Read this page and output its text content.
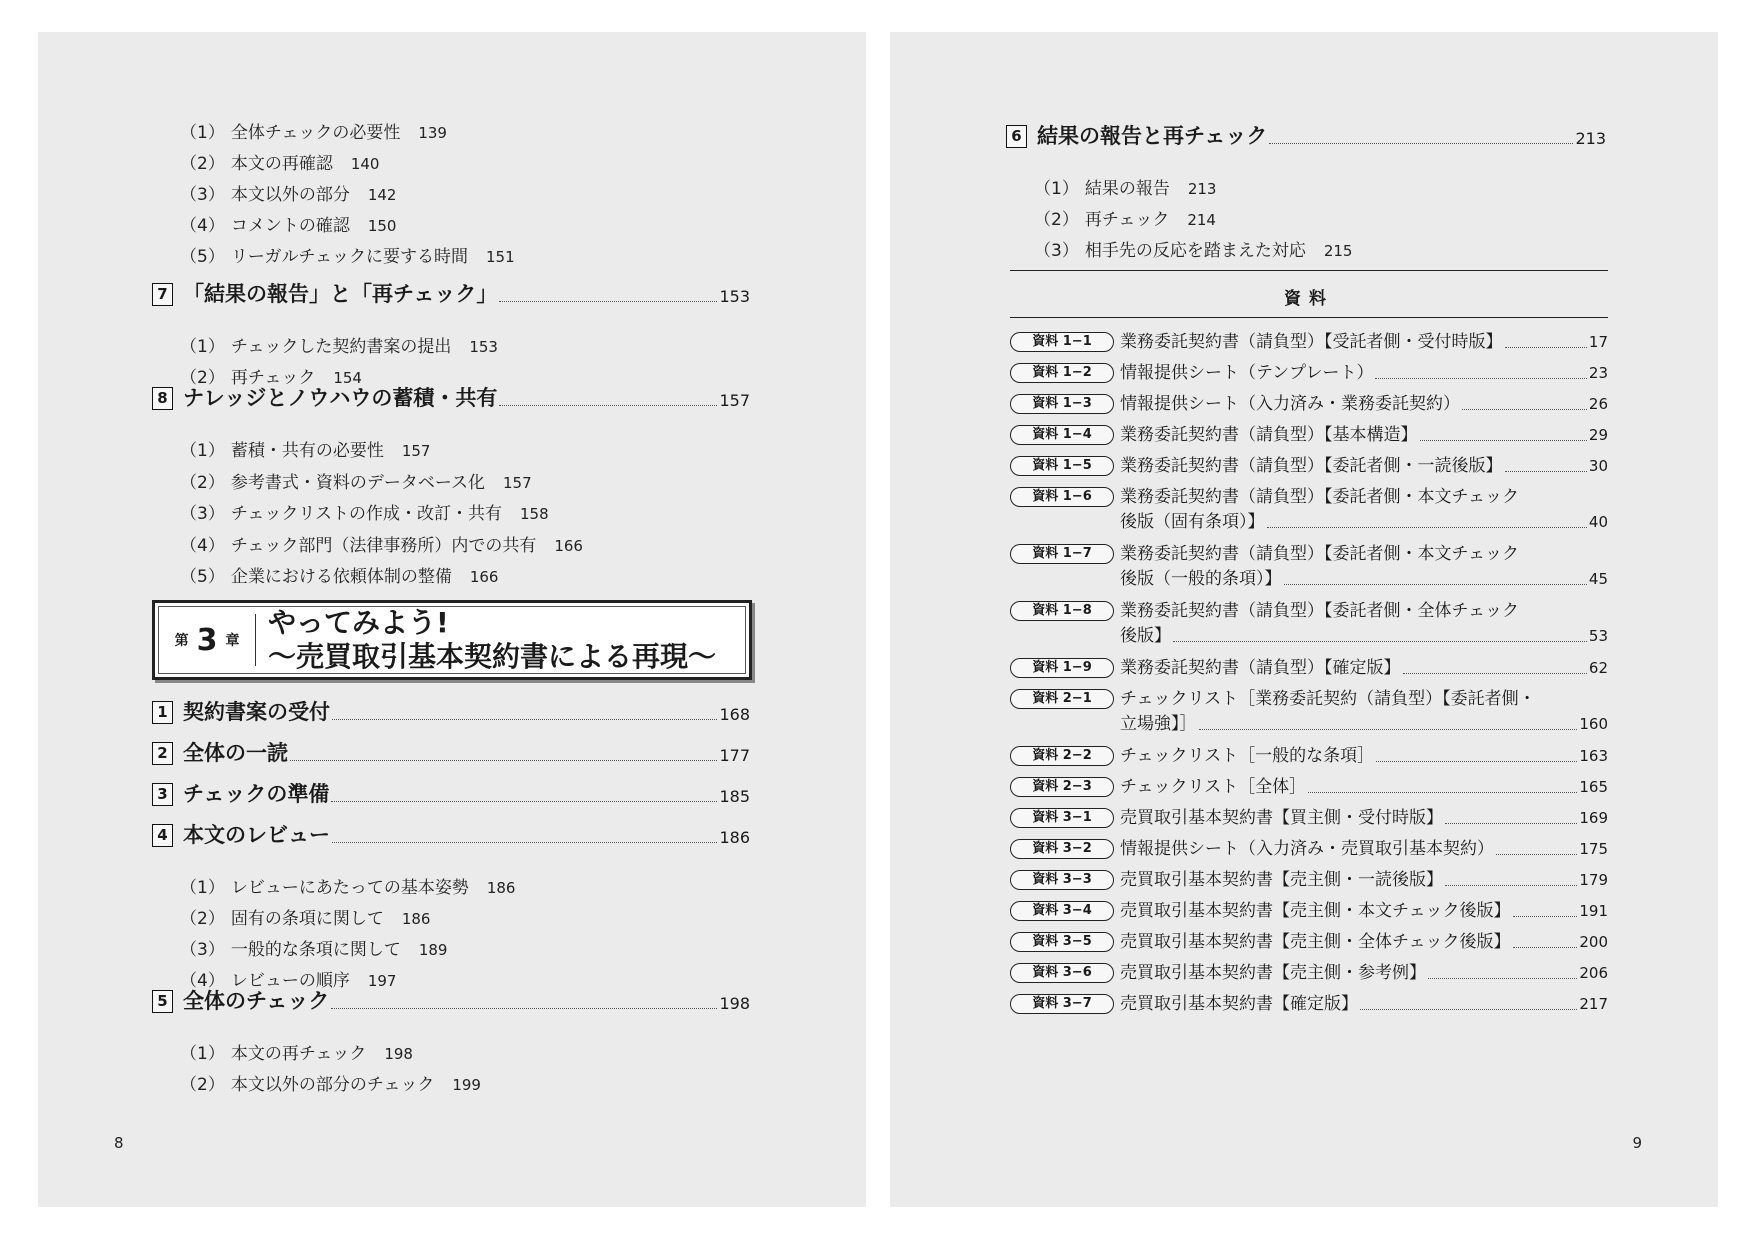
（1） 全体チェックの必要性 139
（2） 本文の再確認 140
（3） 本文以外の部分 142
（4） コメントの確認 150
（5） リーガルチェックに要する時間 151
7 「結果の報告」と「再チェック」	153
（1） チェックした契約書案の提出 153
（2） 再チェック 154
8 ナレッジとノウハウの蓄積・共有	157
（1） 蓄積・共有の必要性 157
（2） 参考書式・資料のデータベース化 157
（3） チェックリストの作成・改訂・共有 158
（4） チェック部門（法律事務所）内での共有 166
（5） 企業における依頼体制の整備 166
第 3 章
やってみよう!
～売買取引基本契約書による再現～
1 契約書案の受付	168
2 全体の一読	177
3 チェックの準備	185
4 本文のレビュー	186
（1） レビューにあたっての基本姿勢 186
（2） 固有の条項に関して 186
（3） 一般的な条項に関して 189
（4） レビューの順序 197
5 全体のチェック	198
（1） 本文の再チェック 198
（2） 本文以外の部分のチェック 199
8
6 結果の報告と再チェック	213
（1） 結果の報告 213
（2） 再チェック 214
（3） 相手先の反応を踏まえた対応 215
資料
資料 1−1	業務委託契約書（請負型）【受託者側・受付時版】	17
資料 1−2	情報提供シート（テンプレート）	23
資料 1−3	情報提供シート（入力済み・業務委託契約）	26
資料 1−4	業務委託契約書（請負型）【基本構造】	29
資料 1−5	業務委託契約書（請負型）【委託者側・一読後版】	30
資料 1−6	業務委託契約書（請負型）【委託者側・本文チェック
後版（固有条項）】	40
資料 1−7	業務委託契約書（請負型）【委託者側・本文チェック
後版（一般的条項）】	45
資料 1−8	業務委託契約書（請負型）【委託者側・全体チェック
後版】	53
資料 1−9	業務委託契約書（請負型）【確定版】	62
資料 2−1	チェックリスト［業務委託契約（請負型）【委託者側・
立場強】］	160
資料 2−2	チェックリスト［一般的な条項］	163
資料 2−3	チェックリスト［全体］	165
資料 3−1	売買取引基本契約書【買主側・受付時版】	169
資料 3−2	情報提供シート（入力済み・売買取引基本契約）	175
資料 3−3	売買取引基本契約書【売主側・一読後版】	179
資料 3−4	売買取引基本契約書【売主側・本文チェック後版】	191
資料 3−5	売買取引基本契約書【売主側・全体チェック後版】	200
資料 3−6	売買取引基本契約書【売主側・参考例】	206
資料 3−7	売買取引基本契約書【確定版】	217
9
